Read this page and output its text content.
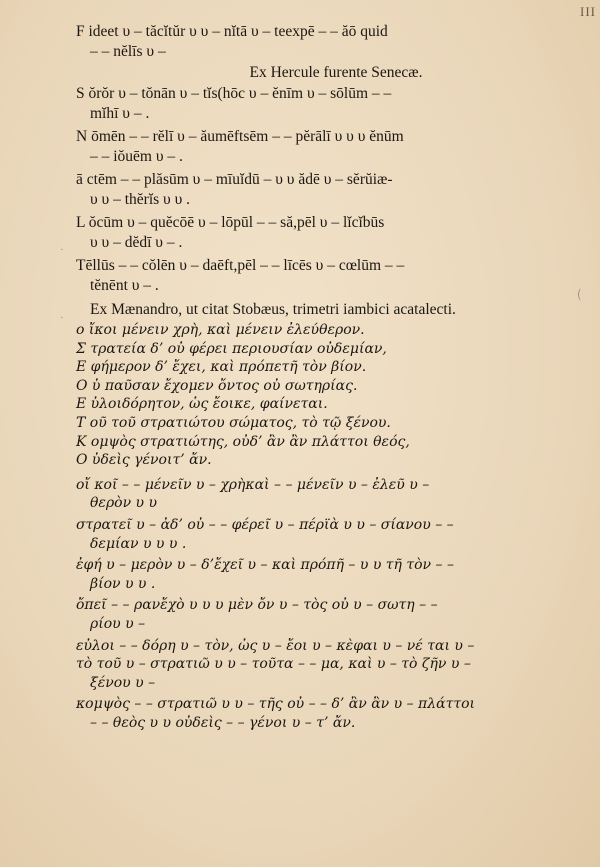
III
⌒
·
·
F ideet υ – tăcĭtŭr υ υ – nĭtā υ – teexpē – – ăō quid
– – nĕlīs υ –
Ex Hercule furente Senecæ.
S ŏrŏr υ – tŏnān υ – tĭs(hōc υ – ĕnīm υ – sōlūm – –
mĭhī υ – .
N ōmēn – – rĕlī υ – ăumēftsēm – – pĕrālī υ υ υ ĕnūm
– – iŏuēm υ – .
ā ctēm – – plăsūm υ – mīuĭdū – υ υ ădē υ – sĕrŭiæ-
υ υ – thĕrĭs υ υ .
L ŏcūm υ – quĕcōē υ – lōpūl – – să,pēl υ – lĭcĭbūs
υ υ – dĕdī υ – .
Tēllūs – – cŏlēn υ – daēft,pēl – – līcēs υ – cœlūm – –
tĕnēnt υ – .
Ex Mænandro, ut citat Stobæus, trimetri iambici acatalecti.
ο ἴκοι μένειν χρὴ, καὶ μένειν ἐλεύθερον.
Σ τρατεία δ’ οὐ φέρει περιουσίαν οὐδεμίαν,
Ε φήμερον δ’ ἔχει, καὶ πρόπετῆ τὸν βίον.
Ο ὐ παῦσαν ἔχομεν ὄντος οὐ σωτηρίας.
Ε ὐλοιδόρητον, ὡς ἔοικε, φαίνεται.
Τ οῦ τοῦ στρατιώτου σώματος, τὸ τῷ ξένου.
Κ ομψὸς στρατιώτης, οὐδ’ ἂν ἂν πλάττοι θεός,
Ο ὐδεὶς γένοιτ’ ἄν.
οἴ κοῖ – – μένεῖν υ – χρὴκαὶ – – μένεῖν υ – ἐλεῦ υ –
θερὸν υ υ
στρατεῖ υ – ἀδ’ οὐ – – φέρεῖ υ – πέρϊὰ υ υ – σίανου – –
δεμίαν υ υ υ .
ἐφή υ – μερὸν υ – δ’ἔχεῖ υ – καὶ πρόπῆ – υ υ τῆ τὸν – –
βίον υ υ .
ὄπεῖ – – ρανἔχὸ υ υ υ μὲν ὄν υ – τὸς οὐ υ – σωτη – –
ρίου υ –
εὐλοι – – δόρη υ – τὸν, ὡς υ – ἔοι υ – κὲφαι υ – νέ ται υ –
τὸ τοῦ υ – στρατιῶ υ υ – τοῦτα – – μα, καὶ υ – τὸ ζῆν υ –
ξένου υ –
κομψὸς – – στρατιῶ υ υ – τῆς οὐ – – δ’ ἂν ἂν υ – πλάττοι
– – θεὸς υ υ οὐδεὶς – – γένοι υ – τ’ ἄν.
